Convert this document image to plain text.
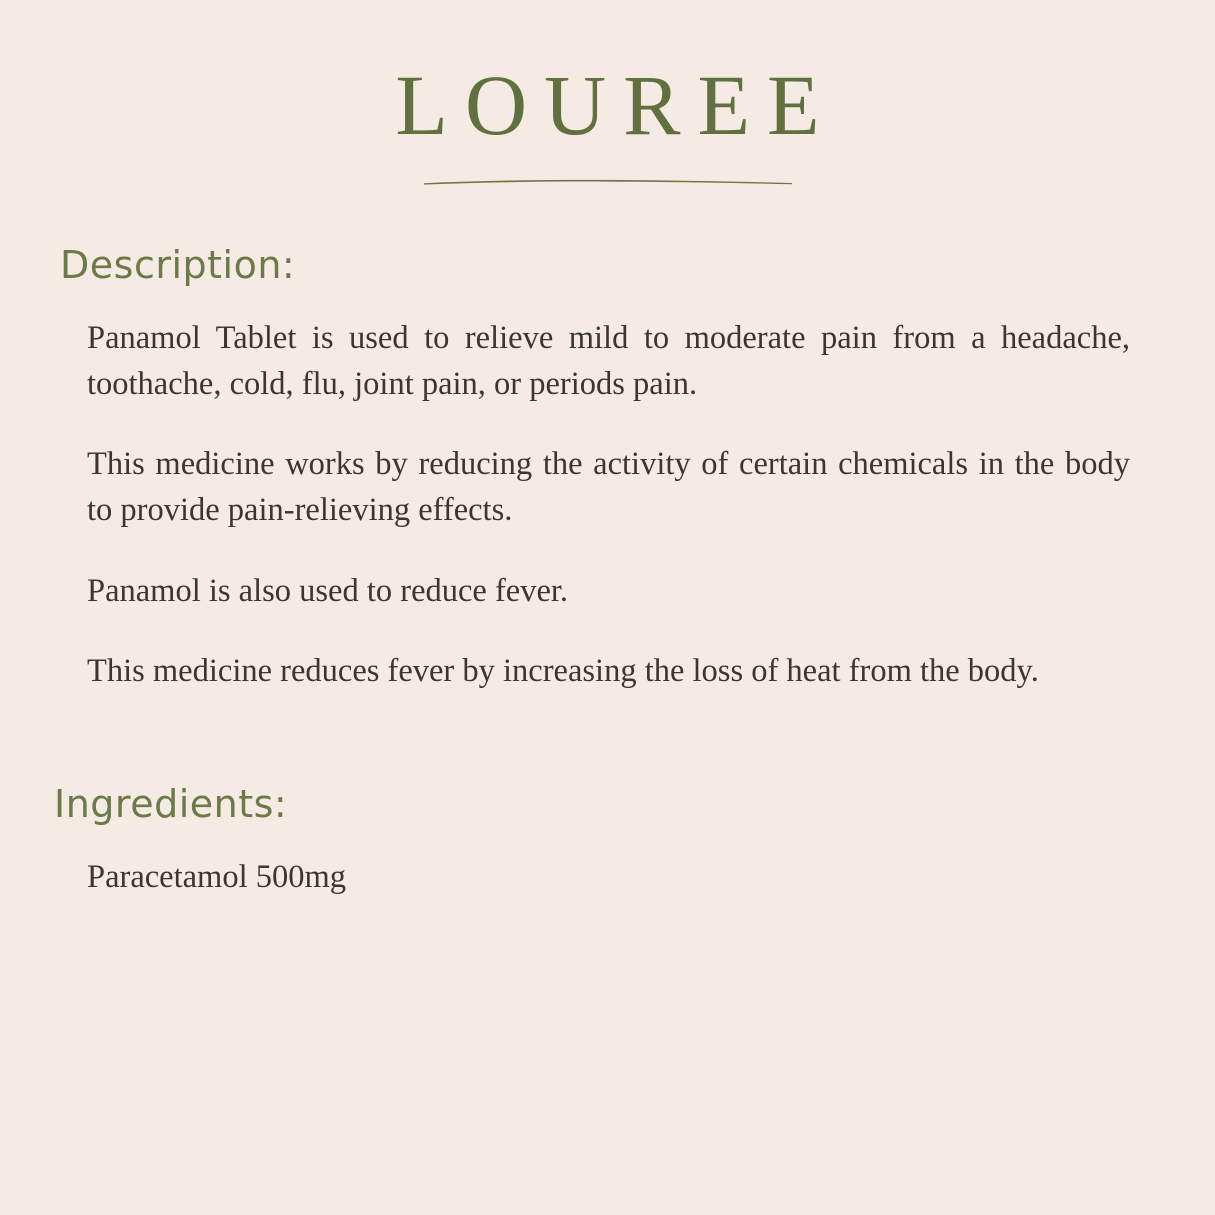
LOUREE
Description:
Panamol Tablet is used to relieve mild to moderate pain from a headache, toothache, cold, flu, joint pain, or periods pain.
This medicine works by reducing the activity of certain chemicals in the body to provide pain-relieving effects.
Panamol is also used to reduce fever.
This medicine reduces fever by increasing the loss of heat from the body.
Ingredients:
Paracetamol 500mg
